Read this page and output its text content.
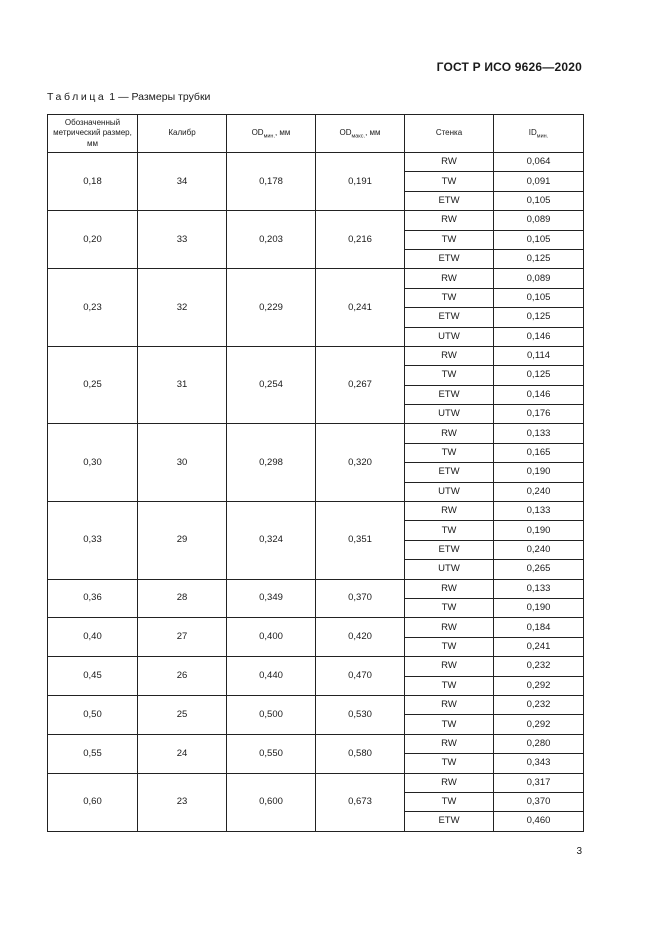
ГОСТ Р ИСО 9626—2020
Таблица 1 — Размеры трубки
Обозначенный метрический размер, мм	Калибр	$OD_{мин.}$, мм	$OD_{макс.}$, мм	Стенка	$ID_{мин.}$
0,18	34	0,178	0,191	RW	0,064
				TW	0,091
				ETW	0,105
0,20	33	0,203	0,216	RW	0,089
				TW	0,105
				ETW	0,125
0,23	32	0,229	0,241	RW	0,089
				TW	0,105
				ETW	0,125
				UTW	0,146
0,25	31	0,254	0,267	RW	0,114
				TW	0,125
				ETW	0,146
				UTW	0,176
0,30	30	0,298	0,320	RW	0,133
				TW	0,165
				ETW	0,190
				UTW	0,240
0,33	29	0,324	0,351	RW	0,133
				TW	0,190
				ETW	0,240
				UTW	0,265
0,36	28	0,349	0,370	RW	0,133
				TW	0,190
0,40	27	0,400	0,420	RW	0,184
				TW	0,241
0,45	26	0,440	0,470	RW	0,232
				TW	0,292
0,50	25	0,500	0,530	RW	0,232
				TW	0,292
0,55	24	0,550	0,580	RW	0,280
				TW	0,343
0,60	23	0,600	0,673	RW	0,317
				TW	0,370
				ETW	0,460
3
